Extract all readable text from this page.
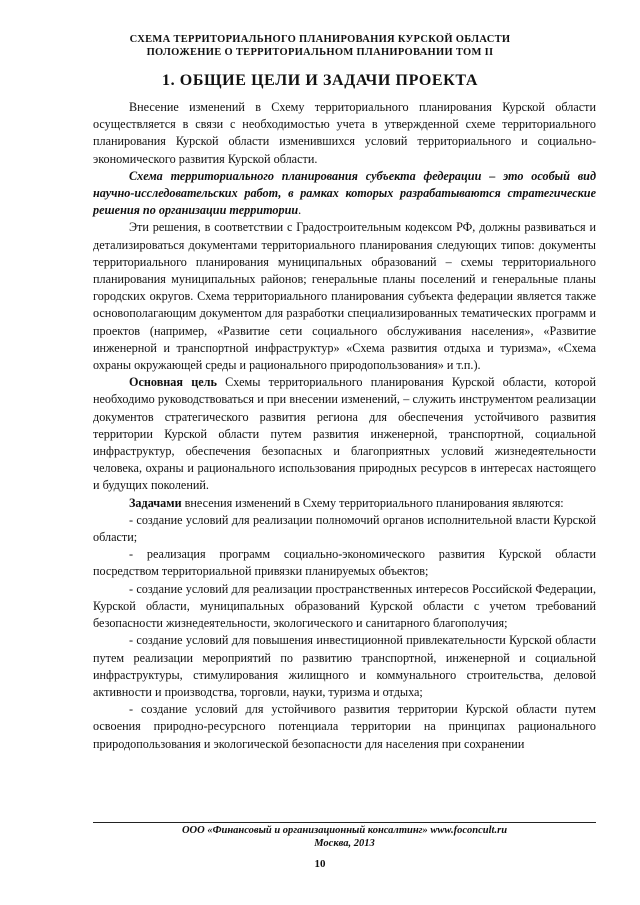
СХЕМА ТЕРРИТОРИАЛЬНОГО ПЛАНИРОВАНИЯ КУРСКОЙ ОБЛАСТИ
ПОЛОЖЕНИЕ О ТЕРРИТОРИАЛЬНОМ ПЛАНИРОВАНИИ ТОМ II
1. ОБЩИЕ ЦЕЛИ И ЗАДАЧИ ПРОЕКТА

Внесение изменений в Схему территориального планирования Курской области осуществляется в связи с необходимостью учета в утвержденной схеме территориального планирования Курской области изменившихся условий территориального и социально-экономического развития Курской области.

Схема территориального планирования субъекта федерации – это особый вид научно-исследовательских работ, в рамках которых разрабатываются стратегические решения по организации территории.

Эти решения, в соответствии с Градостроительным кодексом РФ, должны развиваться и детализироваться документами территориального планирования следующих типов: документы территориального планирования муниципальных образований – схемы территориального планирования муниципальных районов; генеральные планы поселений и генеральные планы городских округов. Схема территориального планирования субъекта федерации является также основополагающим документом для разработки специализированных тематических программ и проектов (например, «Развитие сети социального обслуживания населения», «Развитие инженерной и транспортной инфраструктур» «Схема развития отдыха и туризма», «Схема охраны окружающей среды и рационального природопользования» и т.п.).

Основная цель Схемы территориального планирования Курской области, которой необходимо руководствоваться и при внесении изменений, – служить инструментом реализации документов стратегического развития региона для обеспечения устойчивого развития территории Курской области путем развития инженерной, транспортной, социальной инфраструктур, обеспечения безопасных и благоприятных условий жизнедеятельности человека, охраны и рационального использования природных ресурсов в интересах настоящего и будущих поколений.

Задачами внесения изменений в Схему территориального планирования являются:

- создание условий для реализации полномочий органов исполнительной власти Курской области;

- реализация программ социально-экономического развития Курской области посредством территориальной привязки планируемых объектов;

- создание условий для реализации пространственных интересов Российской Федерации, Курской области, муниципальных образований Курской области с учетом требований безопасности жизнедеятельности, экологического и санитарного благополучия;

- создание условий для повышения инвестиционной привлекательности Курской области путем реализации мероприятий по развитию транспортной, инженерной и социальной инфраструктуры, стимулирования жилищного и коммунального строительства, деловой активности и производства, торговли, науки, туризма и отдыха;

- создание условий для устойчивого развития территории Курской области путем освоения природно-ресурсного потенциала территории на принципах рационального природопользования и экологической безопасности для населения при сохранении

ООО «Финансовый и организационный консалтинг» www.foconcult.ru
Москва, 2013
10
